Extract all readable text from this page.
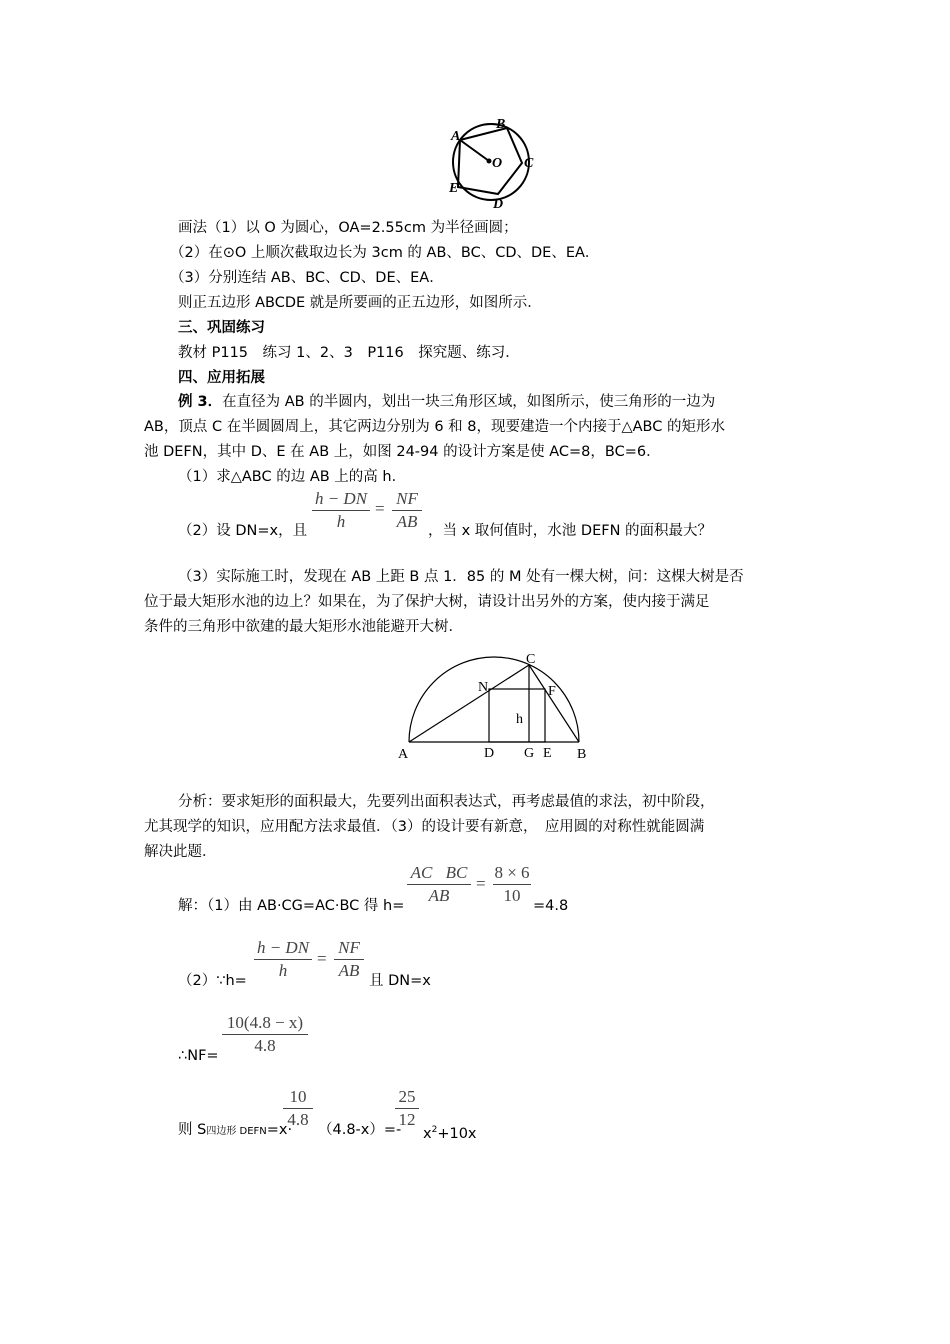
A
B
C
D
E
O
画法（1）以 O 为圆心，OA=2.55cm 为半径画圆；
（2）在⊙O 上顺次截取边长为 3cm 的 AB、BC、CD、DE、EA．
（3）分别连结 AB、BC、CD、DE、EA．
则正五边形 ABCDE 就是所要画的正五边形，如图所示．
三、巩固练习
教材 P115　练习 1、2、3　P116　探究题、练习．
四、应用拓展
例 3．在直径为 AB 的半圆内，划出一块三角形区域，如图所示，使三角形的一边为
AB，顶点 C 在半圆圆周上，其它两边分别为 6 和 8，现要建造一个内接于△ABC 的矩形水
池 DEFN，其中 D、E 在 AB 上，如图 24-94 的设计方案是使 AC=8，BC=6．
（1）求△ABC 的边 AB 上的高 h．
（2）设 DN=x，且
h − DN
h
=
NF
AB ，当 x 取何值时，水池 DEFN 的面积最大？
（3）实际施工时，发现在 AB 上距 B 点 1．85 的 M 处有一棵大树，问：这棵大树是否
位于最大矩形水池的边上？如果在，为了保护大树，请设计出另外的方案，使内接于满足
条件的三角形中欲建的最大矩形水池能避开大树．
C
N	F
h
A	D G E B
分析：要求矩形的面积最大，先要列出面积表达式，再考虑最值的求法，初中阶段，
尤其现学的知识，应用配方法求最值．（3）的设计要有新意，　应用圆的对称性就能圆满
解决此题．
解：（1）由 AB·CG=AC·BC 得 h=
AC⃞BC
AB
=
8 × 6
10
=4.8
（2）∵h=
h − DN
h
=
NF
AB
且 DN=x
∴NF=
10(4.8 − x)
4.8
则 S四边形 DEFN=x·
10
4.8
（4.8-x）=-
25
12
$x^2+10x$
